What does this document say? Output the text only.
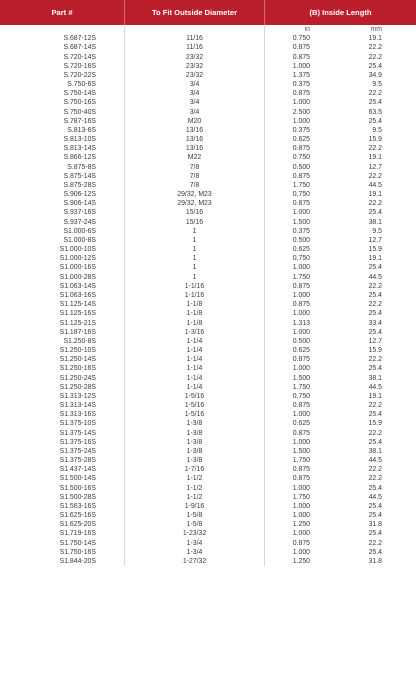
Part #	To Fit Outside Diameter	(B) Inside Length
in	mm
S.687-12S	11/16	0.750	19.1
S.687-14S	11/16	0.875	22.2
S.720-14S	23/32	0.875	22.2
S.720-16S	23/32	1.000	25.4
S.720-22S	23/32	1.375	34.9
S.750-6S	3/4	0.375	9.5
S.750-14S	3/4	0.875	22.2
S.750-16S	3/4	1.000	25.4
S.750-40S	3/4	2.500	63.5
S.787-16S	M20	1.000	25.4
S.813-6S	13/16	0.375	9.5
S.813-10S	13/16	0.625	15.9
S.813-14S	13/16	0.875	22.2
S.866-12S	M22	0.750	19.1
S.875-8S	7/8	0.500	12.7
S.875-14S	7/8	0.875	22.2
S.875-28S	7/8	1.750	44.5
S.906-12S	29/32, M23	0.750	19.1
S.906-14S	29/32, M23	0.875	22.2
S.937-16S	15/16	1.000	25.4
S.937-24S	15/16	1.500	38.1
S1.000-6S	1	0.375	9.5
S1.000-8S	1	0.500	12.7
S1.000-10S	1	0.625	15.9
S1.000-12S	1	0.750	19.1
S1.000-16S	1	1.000	25.4
S1.000-28S	1	1.750	44.5
S1.063-14S	1-1/16	0.875	22.2
S1.063-16S	1-1/16	1.000	25.4
S1.125-14S	1-1/8	0.875	22.2
S1.125-16S	1-1/8	1.000	25.4
S1.125-21S	1-1/8	1.313	33.4
S1.187-16S	1-3/16	1.000	25.4
S1.250-8S	1-1/4	0.500	12.7
S1.250-10S	1-1/4	0.625	15.9
S1.250-14S	1-1/4	0.875	22.2
S1.250-16S	1-1/4	1.000	25.4
S1.250-24S	1-1/4	1.500	38.1
S1.250-28S	1-1/4	1.750	44.5
S1.313-12S	1-5/16	0.750	19.1
S1.313-14S	1-5/16	0.875	22.2
S1.313-16S	1-5/16	1.000	25.4
S1.375-10S	1-3/8	0.625	15.9
S1.375-14S	1-3/8	0.875	22.2
S1.375-16S	1-3/8	1.000	25.4
S1.375-24S	1-3/8	1.500	38.1
S1.375-28S	1-3/8	1.750	44.5
S1.437-14S	1-7/16	0.875	22.2
S1.500-14S	1-1/2	0.875	22.2
S1.500-16S	1-1/2	1.000	25.4
S1.500-28S	1-1/2	1.750	44.5
S1.563-16S	1-9/16	1.000	25.4
S1.625-16S	1-5/8	1.000	25.4
S1.625-20S	1-5/8	1.250	31.8
S1.719-16S	1-23/32	1.000	25.4
S1.750-14S	1-3/4	0.875	22.2
S1.750-16S	1-3/4	1.000	25.4
S1.844-20S	1-27/32	1.250	31.8
